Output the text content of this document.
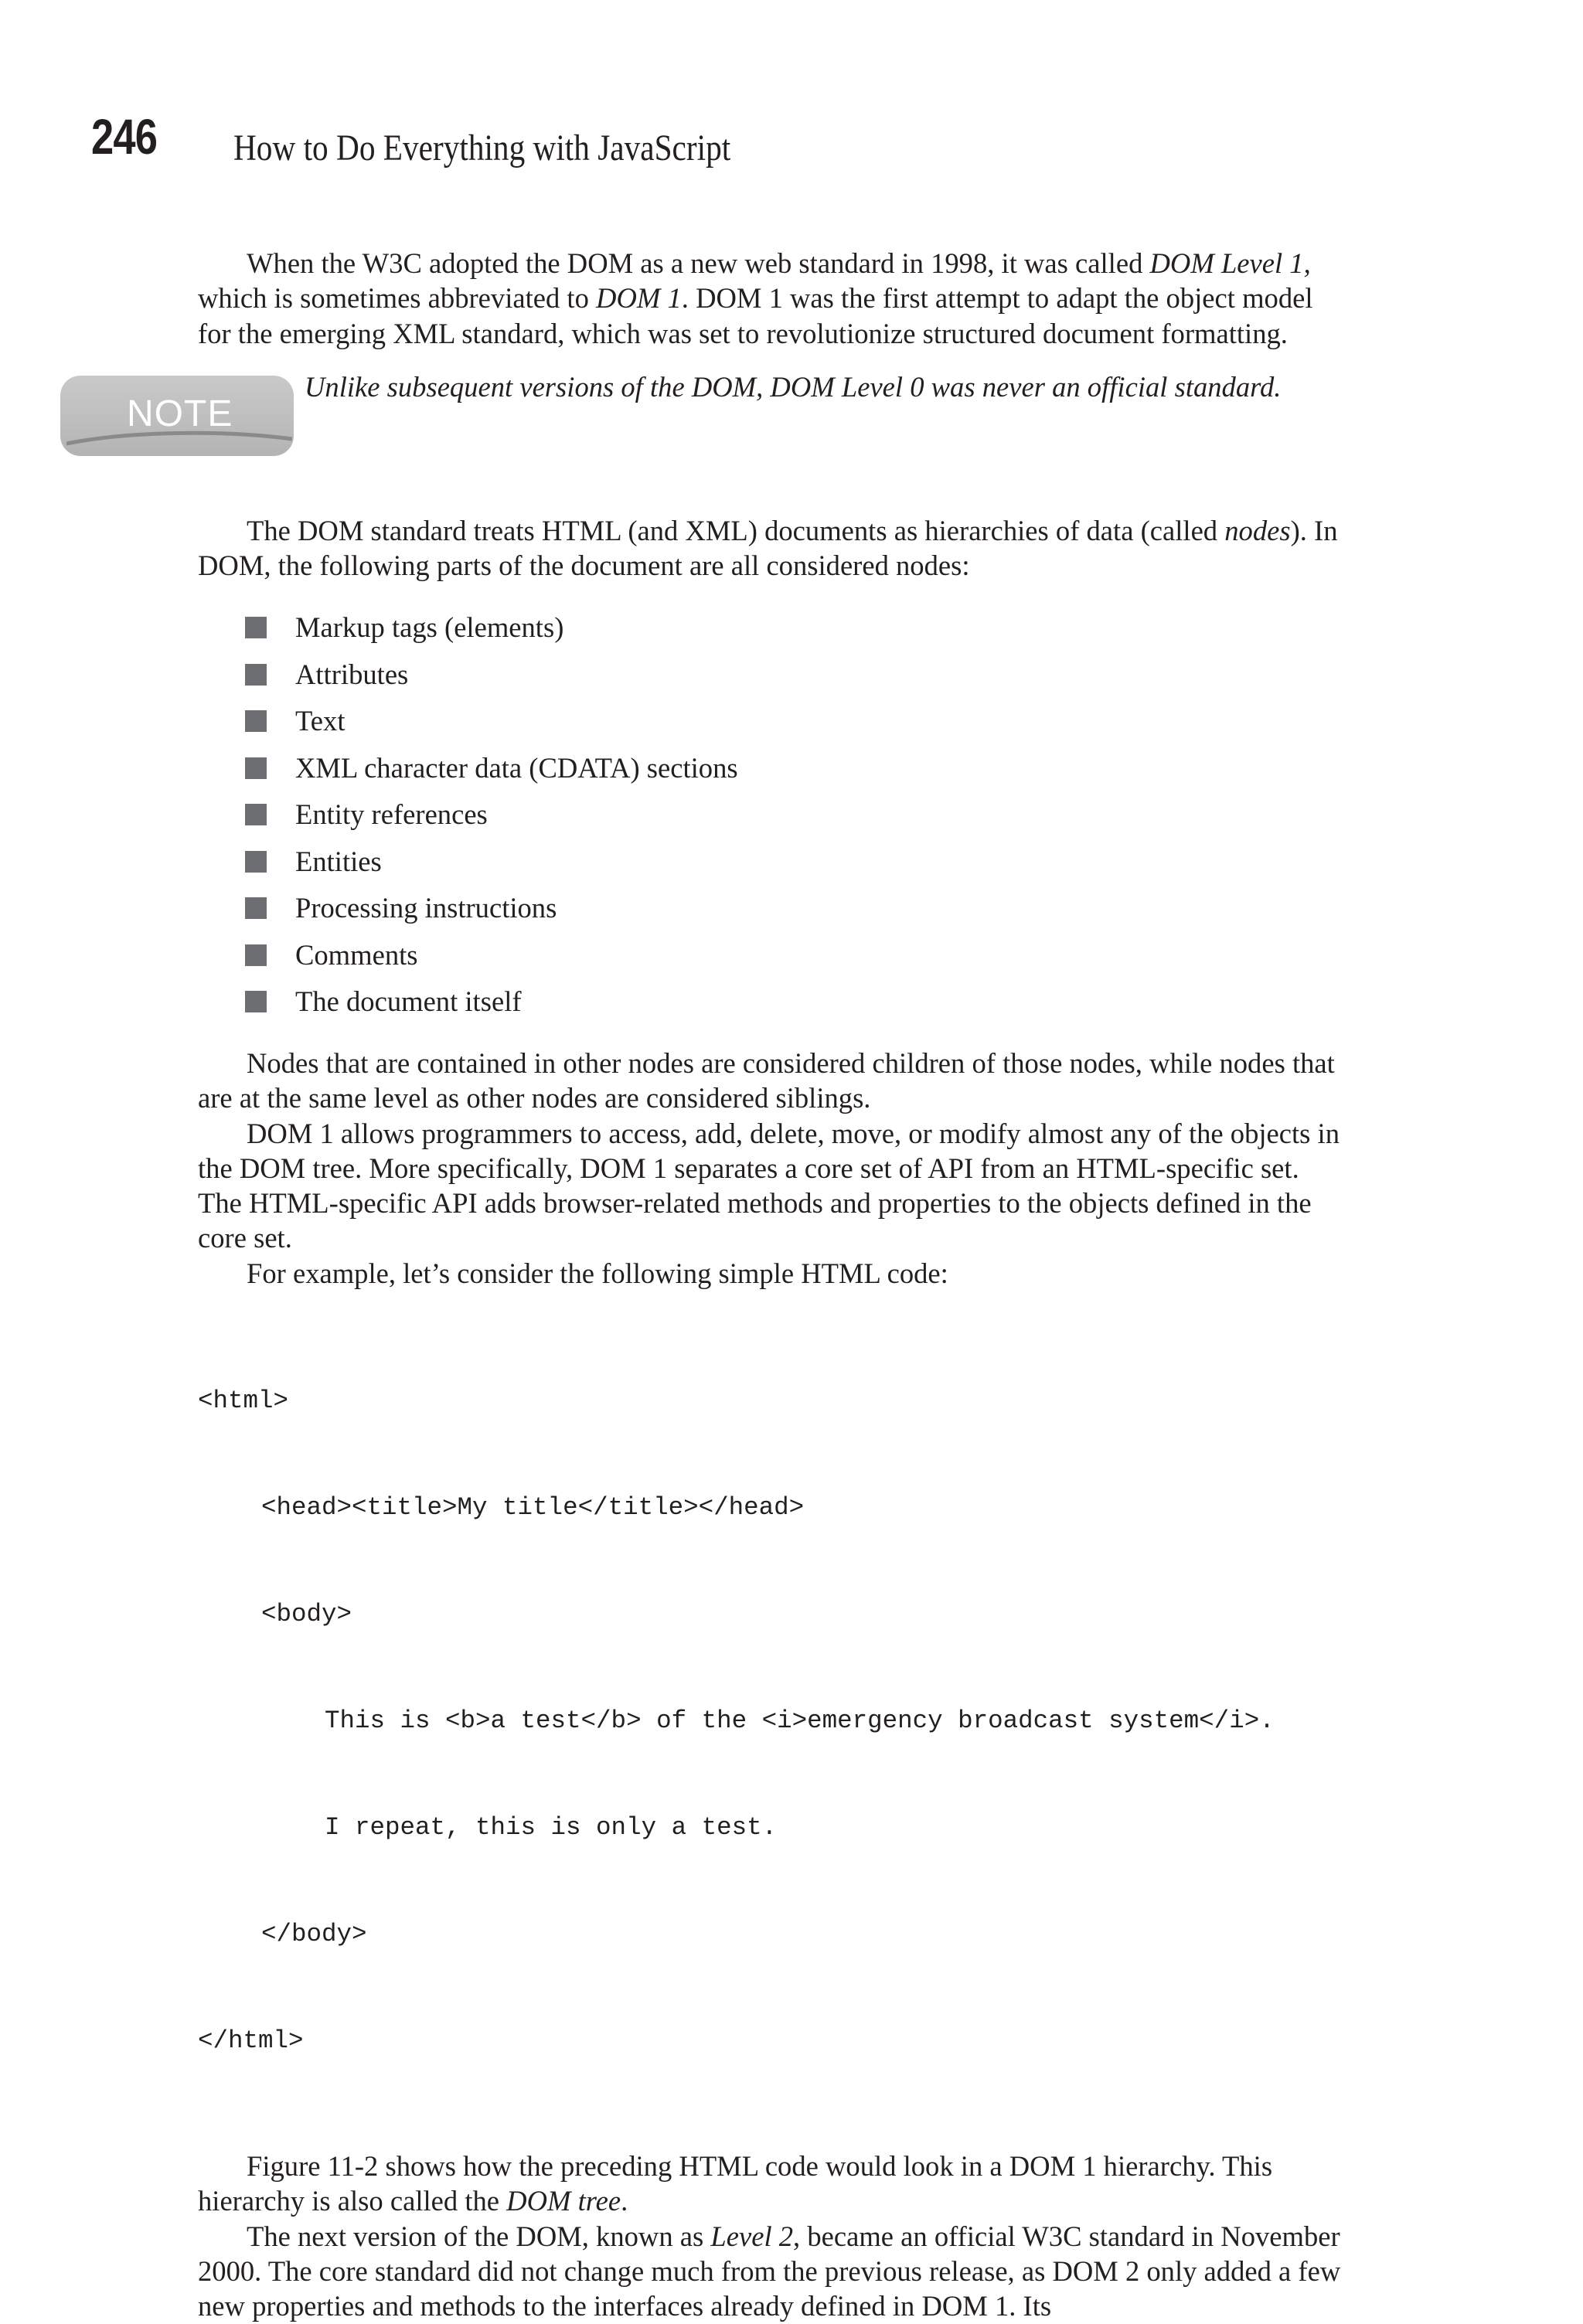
246 How to Do Everything with JavaScript

When the W3C adopted the DOM as a new web standard in 1998, it was called DOM Level 1, which is sometimes abbreviated to DOM 1. DOM 1 was the first attempt to adapt the object model for the emerging XML standard, which was set to revolutionize structured document formatting.

NOTE
Unlike subsequent versions of the DOM, DOM Level 0 was never an official standard.

The DOM standard treats HTML (and XML) documents as hierarchies of data (called nodes). In DOM, the following parts of the document are all considered nodes:

Markup tags (elements)
Attributes
Text
XML character data (CDATA) sections
Entity references
Entities
Processing instructions
Comments
The document itself

Nodes that are contained in other nodes are considered children of those nodes, while nodes that are at the same level as other nodes are considered siblings.

DOM 1 allows programmers to access, add, delete, move, or modify almost any of the objects in the DOM tree. More specifically, DOM 1 separates a core set of API from an HTML-specific set. The HTML-specific API adds browser-related methods and properties to the objects defined in the core set.

For example, let’s consider the following simple HTML code:

<html>

<head><title>My title</title></head>

<body>

This is <b>a test</b> of the <i>emergency broadcast system</i>.

I repeat, this is only a test.

</body>

</html>

Figure 11-2 shows how the preceding HTML code would look in a DOM 1 hierarchy. This hierarchy is also called the DOM tree.

The next version of the DOM, known as Level 2, became an official W3C standard in November 2000. The core standard did not change much from the previous release, as DOM 2 only added a few new properties and methods to the interfaces already defined in DOM 1. Its
